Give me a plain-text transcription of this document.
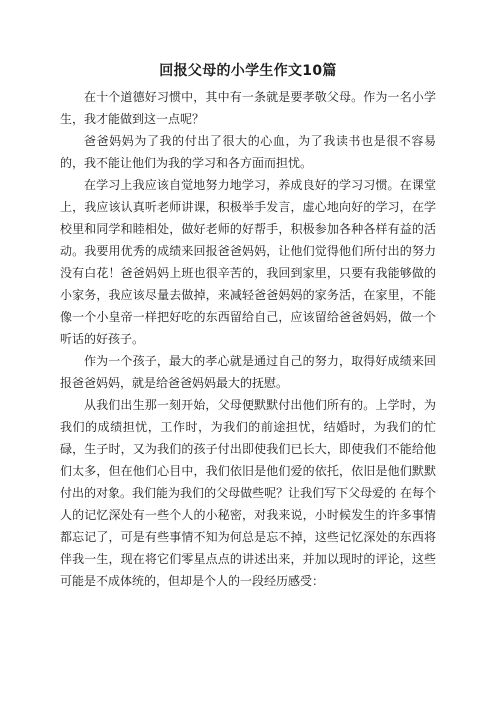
回报父母的小学生作文10篇

在十个道德好习惯中，其中有一条就是要孝敬父母。作为一名小学生，我才能做到这一点呢？

爸爸妈妈为了我的付出了很大的心血，为了我读书也是很不容易的，我不能让他们为我的学习和各方面而担忧。

在学习上我应该自觉地努力地学习，养成良好的学习习惯。在课堂上，我应该认真听老师讲课，积极举手发言，虚心地向好的学习，在学校里和同学和睦相处，做好老师的好帮手，积极参加各种各样有益的活动。我要用优秀的成绩来回报爸爸妈妈，让他们觉得他们所付出的努力没有白花！爸爸妈妈上班也很辛苦的，我回到家里，只要有我能够做的小家务，我应该尽量去做掉，来减轻爸爸妈妈的家务活，在家里，不能像一个小皇帝一样把好吃的东西留给自己，应该留给爸爸妈妈，做一个听话的好孩子。

作为一个孩子，最大的孝心就是通过自己的努力，取得好成绩来回报爸爸妈妈，就是给爸爸妈妈最大的抚慰。

从我们出生那一刻开始，父母便默默付出他们所有的。上学时，为我们的成绩担忧，工作时，为我们的前途担忧，结婚时，为我们的忙碌，生子时，又为我们的孩子付出即使我们已长大，即使我们不能给他们太多，但在他们心目中，我们依旧是他们爱的依托，依旧是他们默默付出的对象。我们能为我们的父母做些呢？让我们写下父母爱的 在每个人的记忆深处有一些个人的小秘密，对我来说，小时候发生的许多事情都忘记了，可是有些事情不知为何总是忘不掉，这些记忆深处的东西将伴我一生，现在将它们零星点点的讲述出来，并加以现时的评论，这些可能是不成体统的，但却是个人的一段经历感受：
